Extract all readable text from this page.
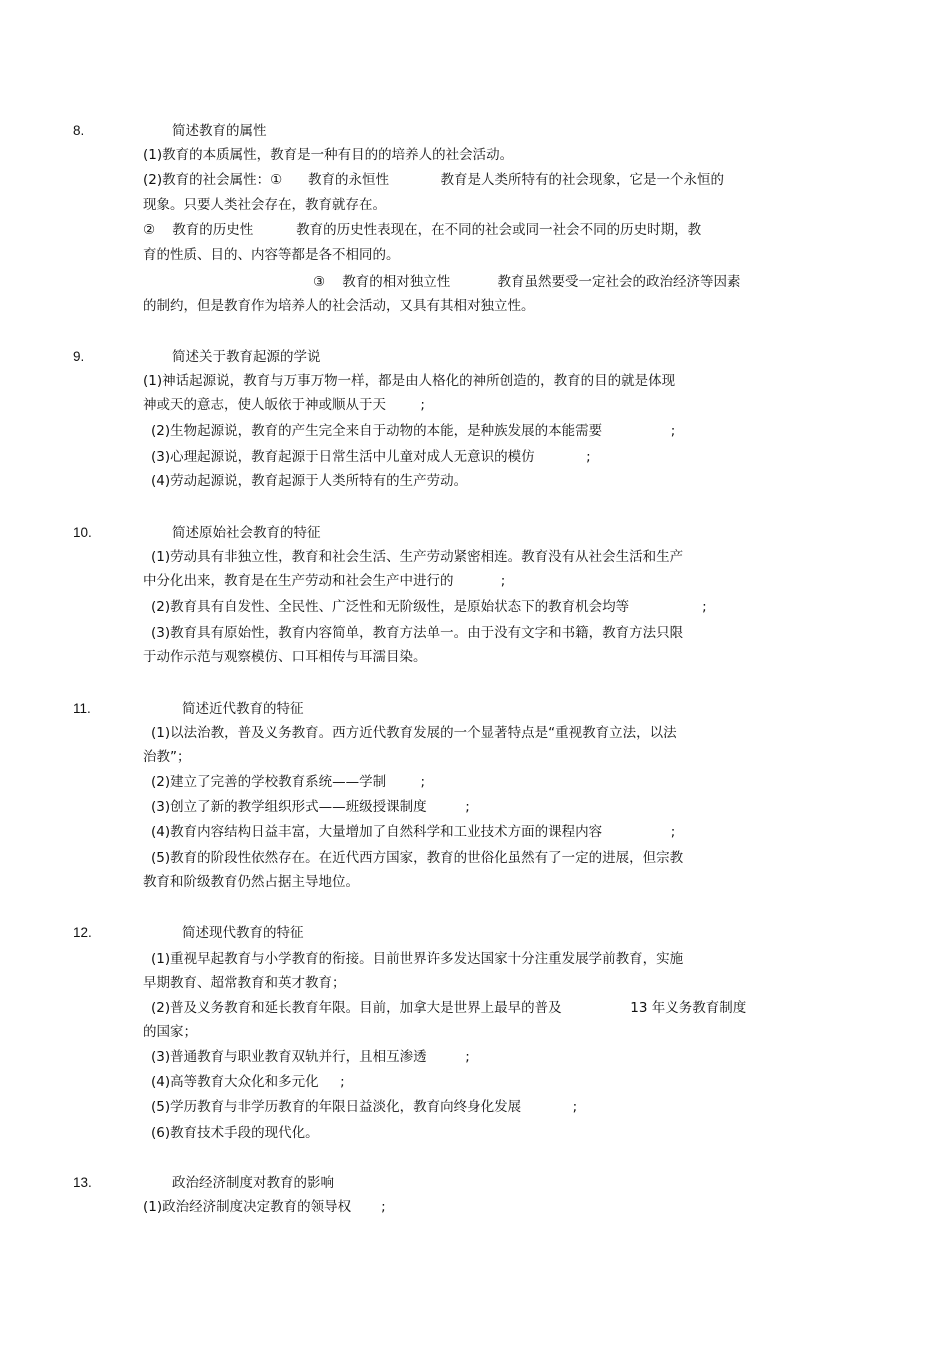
8.	简述教育的属性
(1)教育的本质属性，教育是一种有目的的培养人的社会活动。
(2)教育的社会属性：①      教育的永恒性            教育是人类所特有的社会现象，它是一个永恒的
现象。只要人类社会存在，教育就存在。
②    教育的历史性          教育的历史性表现在，在不同的社会或同一社会不同的历史时期，教
育的性质、目的、内容等都是各不相同的。
③    教育的相对独立性           教育虽然要受一定社会的政治经济等因素
的制约，但是教育作为培养人的社会活动，又具有其相对独立性。
9.	简述关于教育起源的学说
(1)神话起源说，教育与万事万物一样，都是由人格化的神所创造的，教育的目的就是体现
神或天的意志，使人皈依于神或顺从于天        ;
(2)生物起源说，教育的产生完全来自于动物的本能，是种族发展的本能需要                ;
(3)心理起源说，教育起源于日常生活中儿童对成人无意识的模仿            ;
(4)劳动起源说，教育起源于人类所特有的生产劳动。
10.	简述原始社会教育的特征
(1)劳动具有非独立性，教育和社会生活、生产劳动紧密相连。教育没有从社会生活和生产
中分化出来，教育是在生产劳动和社会生产中进行的           ;
(2)教育具有自发性、全民性、广泛性和无阶级性，是原始状态下的教育机会均等                 ;
(3)教育具有原始性，教育内容简单，教育方法单一。由于没有文字和书籍，教育方法只限
于动作示范与观察模仿、口耳相传与耳濡目染。
11.	简述近代教育的特征
(1)以法治教，普及义务教育。西方近代教育发展的一个显著特点是“重视教育立法，以法
治教”；
(2)建立了完善的学校教育系统——学制        ;
(3)创立了新的教学组织形式——班级授课制度         ;
(4)教育内容结构日益丰富，大量增加了自然科学和工业技术方面的课程内容                ;
(5)教育的阶段性依然存在。在近代西方国家，教育的世俗化虽然有了一定的进展，但宗教
教育和阶级教育仍然占据主导地位。
12.	简述现代教育的特征
(1)重视早起教育与小学教育的衔接。目前世界许多发达国家十分注重发展学前教育，实施
早期教育、超常教育和英才教育；
(2)普及义务教育和延长教育年限。目前，加拿大是世界上最早的普及                13 年义务教育制度
的国家；
(3)普通教育与职业教育双轨并行，且相互渗透         ;
(4)高等教育大众化和多元化     ;
(5)学历教育与非学历教育的年限日益淡化，教育向终身化发展            ;
(6)教育技术手段的现代化。
13.	政治经济制度对教育的影响
(1)政治经济制度决定教育的领导权       ;
